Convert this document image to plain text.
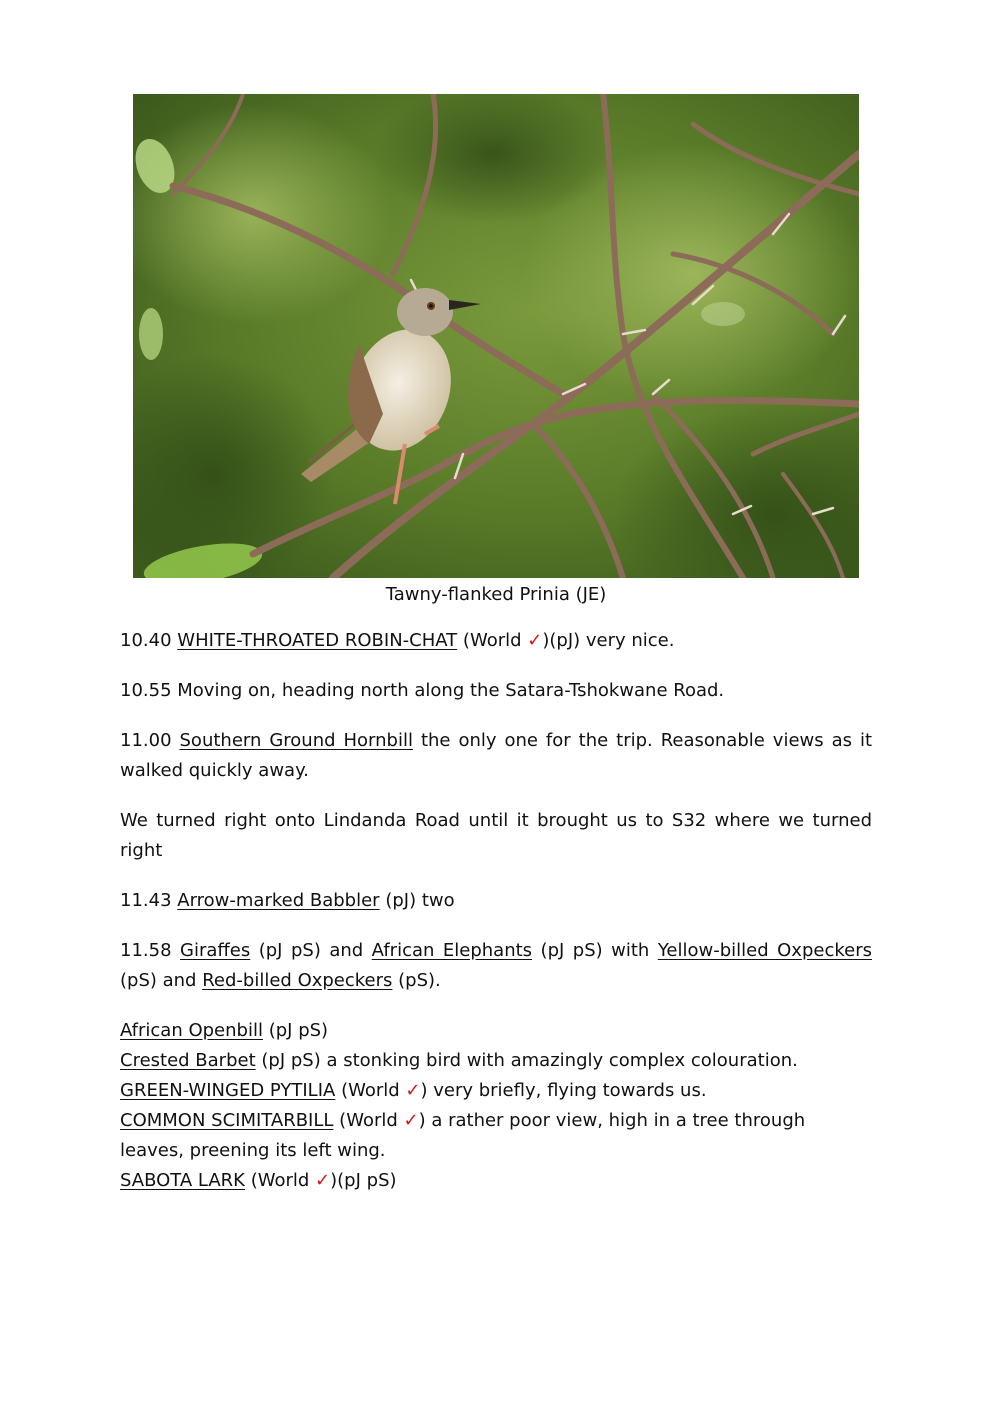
Tawny-flanked Prinia (JE)

10.40 WHITE-THROATED ROBIN-CHAT (World ✓)(pJ) very nice.

10.55 Moving on, heading north along the Satara-Tshokwane Road.

11.00 Southern Ground Hornbill the only one for the trip. Reasonable views as it walked quickly away.

We turned right onto Lindanda Road until it brought us to S32 where we turned right

11.43 Arrow-marked Babbler (pJ) two

11.58 Giraffes (pJ pS) and African Elephants (pJ pS) with Yellow-billed Oxpeckers (pS) and Red-billed Oxpeckers (pS).

African Openbill (pJ pS)
Crested Barbet (pJ pS) a stonking bird with amazingly complex colouration.
GREEN-WINGED PYTILIA (World ✓) very briefly, flying towards us.
COMMON SCIMITARBILL (World ✓) a rather poor view, high in a tree through leaves, preening its left wing.
SABOTA LARK (World ✓)(pJ pS)
